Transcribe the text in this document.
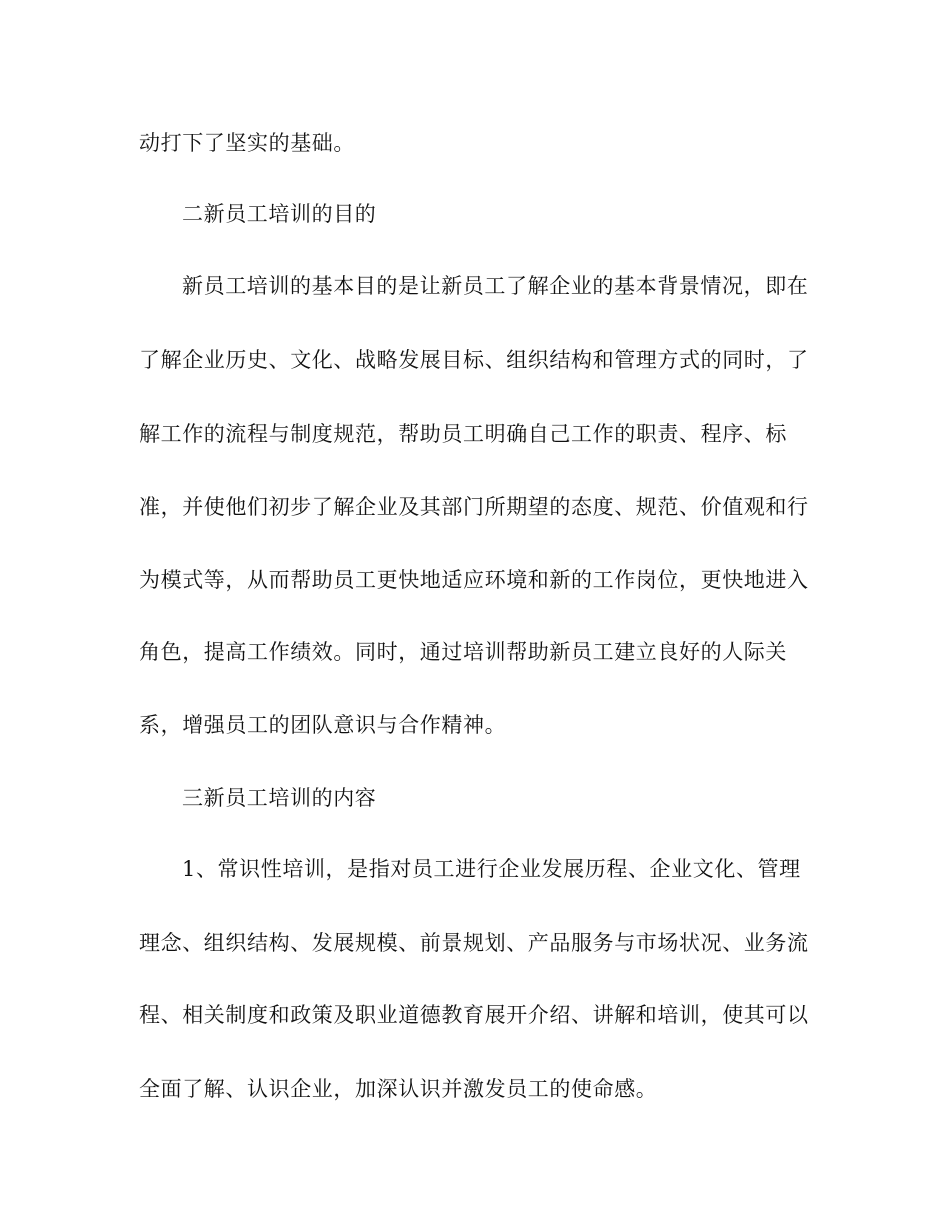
动打下了坚实的基础。
二新员工培训的目的
新员工培训的基本目的是让新员工了解企业的基本背景情况，即在
了解企业历史、文化、战略发展目标、组织结构和管理方式的同时，了
解工作的流程与制度规范，帮助员工明确自己工作的职责、程序、标
准，并使他们初步了解企业及其部门所期望的态度、规范、价值观和行
为模式等，从而帮助员工更快地适应环境和新的工作岗位，更快地进入
角色，提高工作绩效。同时，通过培训帮助新员工建立良好的人际关
系，增强员工的团队意识与合作精神。
三新员工培训的内容
1、常识性培训，是指对员工进行企业发展历程、企业文化、管理
理念、组织结构、发展规模、前景规划、产品服务与市场状况、业务流
程、相关制度和政策及职业道德教育展开介绍、讲解和培训，使其可以
全面了解、认识企业，加深认识并激发员工的使命感。
